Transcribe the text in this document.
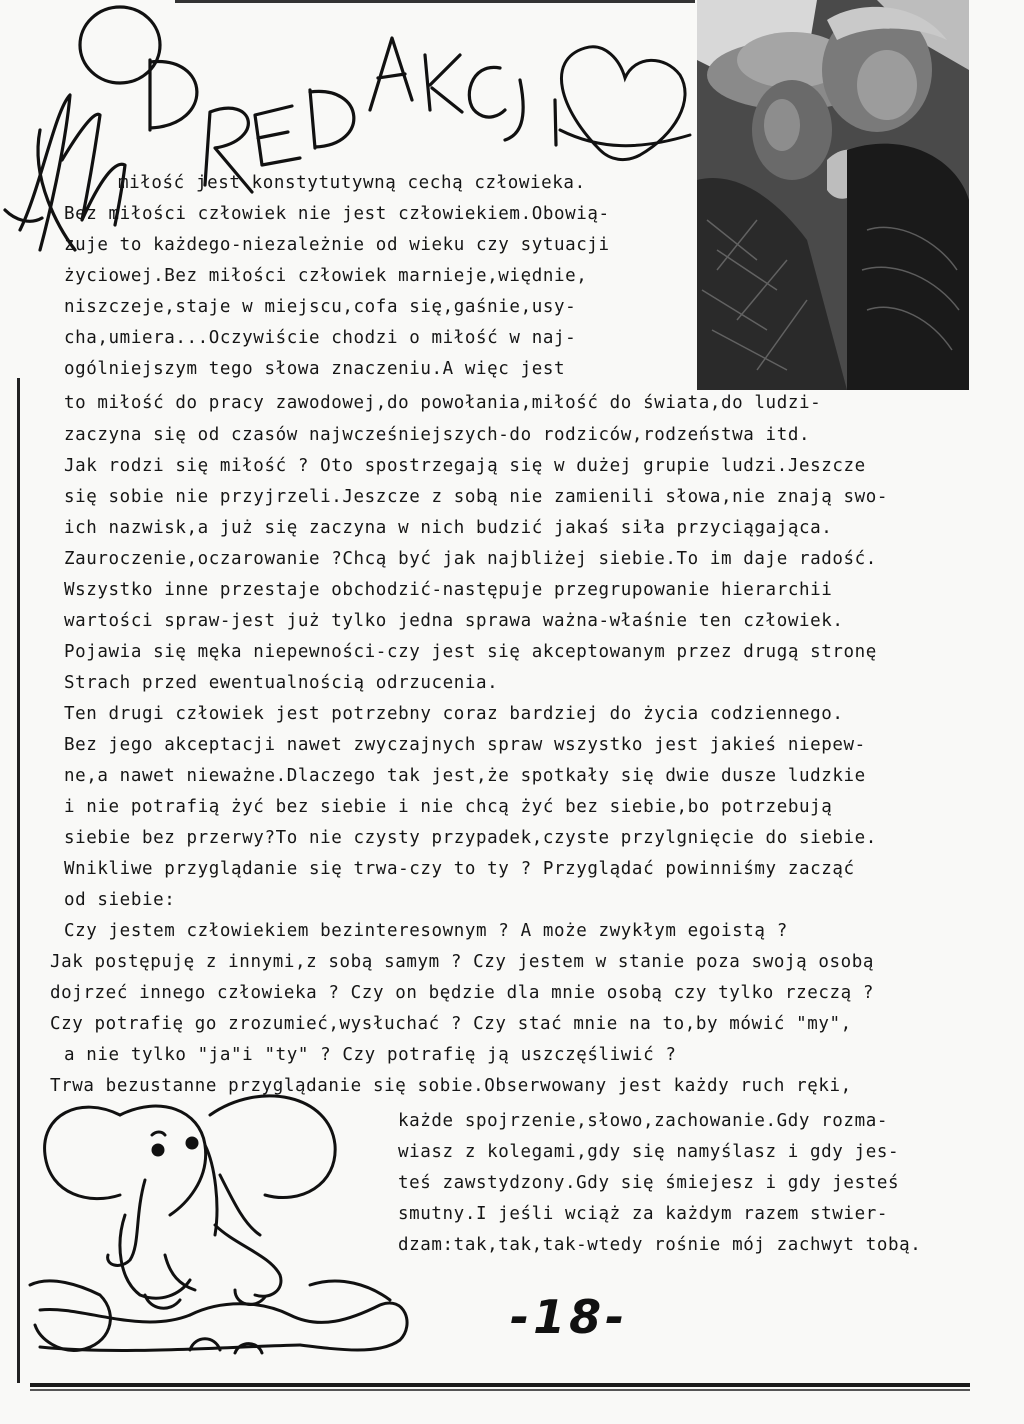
miłość jest konstytutywną cechą człowieka.
Bez miłości człowiek nie jest człowiekiem.Obowią-
zuje to każdego-niezależnie od wieku czy sytuacji
życiowej.Bez miłości człowiek marnieje,więdnie,
niszczeje,staje w miejscu,cofa się,gaśnie,usy-
cha,umiera...Oczywiście chodzi o miłość w naj-
ogólniejszym tego słowa znaczeniu.A więc jest
to miłość do pracy zawodowej,do powołania,miłość do świata,do ludzi-
zaczyna się od czasów najwcześniejszych-do rodziców,rodzeństwa itd.
Jak rodzi się miłość ? Oto spostrzegają się w dużej grupie ludzi.Jeszcze
się sobie nie przyjrzeli.Jeszcze z sobą nie zamienili słowa,nie znają swo-
ich nazwisk,a już się zaczyna w nich budzić jakaś siła przyciągająca.
Zauroczenie,oczarowanie ?Chcą być jak najbliżej siebie.To im daje radość.
Wszystko inne przestaje obchodzić-następuje przegrupowanie hierarchii
wartości spraw-jest już tylko jedna sprawa ważna-właśnie ten człowiek.
Pojawia się męka niepewności-czy jest się akceptowanym przez drugą stronę
Strach przed ewentualnością odrzucenia.
Ten drugi człowiek jest potrzebny coraz bardziej do życia codziennego.
Bez jego akceptacji nawet zwyczajnych spraw wszystko jest jakieś niepew-
ne,a nawet nieważne.Dlaczego tak jest,że spotkały się dwie dusze ludzkie
i nie potrafią żyć bez siebie i nie chcą żyć bez siebie,bo potrzebują
siebie bez przerwy?To nie czysty przypadek,czyste przylgnięcie do siebie.
Wnikliwe przyglądanie się trwa-czy to ty ? Przyglądać powinniśmy zacząć
od siebie:
Czy jestem człowiekiem bezinteresownym ? A może zwykłym egoistą ?
Jak postępuję z innymi,z sobą samym ? Czy jestem w stanie poza swoją osobą
dojrzeć innego człowieka ? Czy on będzie dla mnie osobą czy tylko rzeczą ?
Czy potrafię go zrozumieć,wysłuchać ? Czy stać mnie na to,by mówić "my",
a nie tylko "ja"i "ty" ? Czy potrafię ją uszczęśliwić ?
Trwa bezustanne przyglądanie się sobie.Obserwowany jest każdy ruch ręki,
każde spojrzenie,słowo,zachowanie.Gdy rozma-
wiasz z kolegami,gdy się namyślasz i gdy jes-
teś zawstydzony.Gdy się śmiejesz i gdy jesteś
smutny.I jeśli wciąż za każdym razem stwier-
dzam:tak,tak,tak-wtedy rośnie mój zachwyt tobą.
-18-
